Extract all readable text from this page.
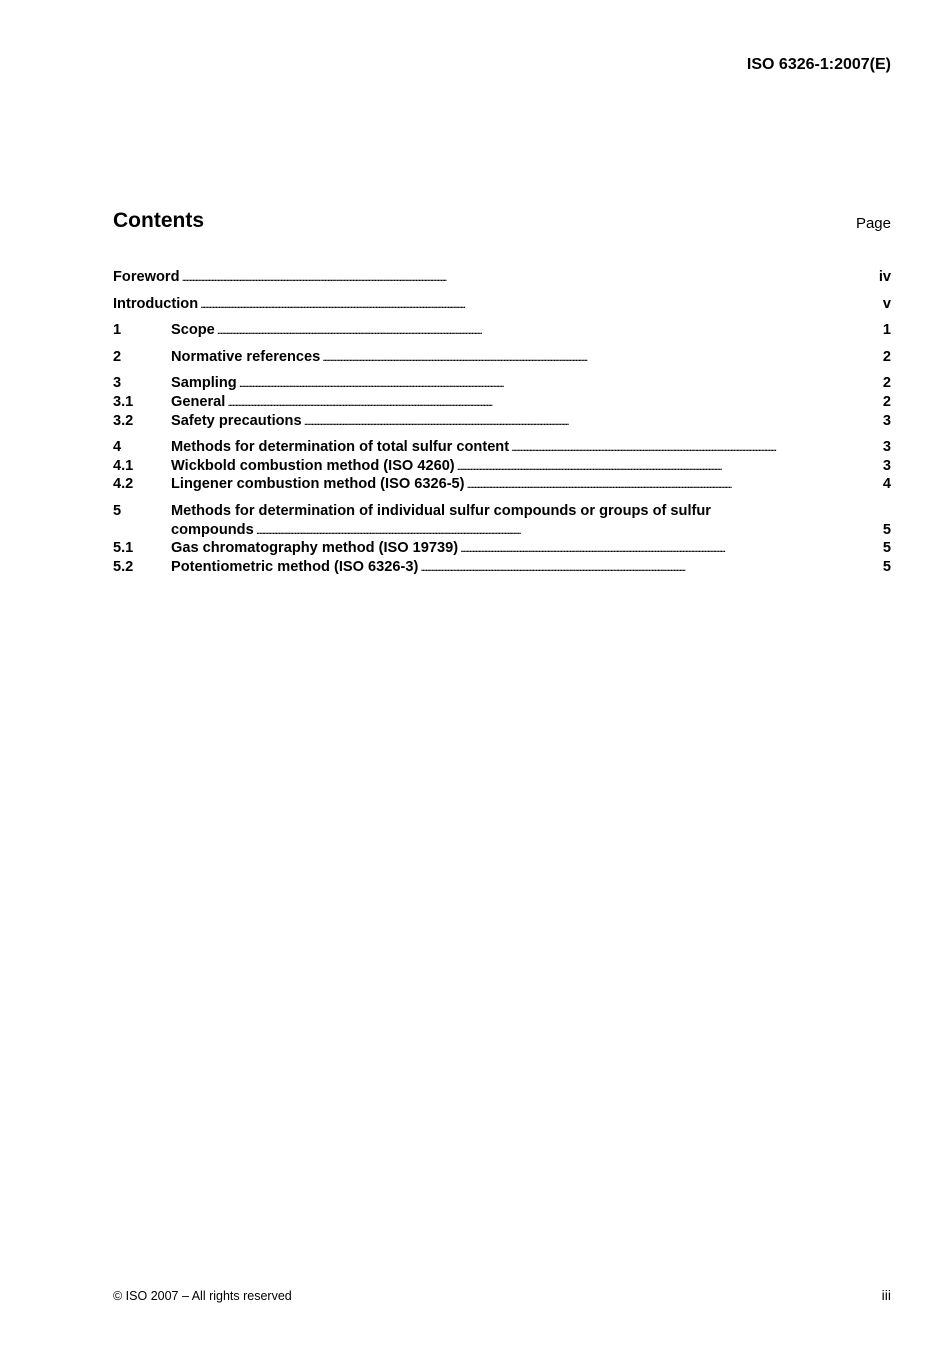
ISO 6326-1:2007(E)
Contents	Page
Foreword . . .	iv
Introduction . . .	v
1	Scope . . .	1
2	Normative references . . .	2
3	Sampling . . .	2
3.1	General . . .	2
3.2	Safety precautions . . .	3
4	Methods for determination of total sulfur content . . .	3
4.1	Wickbold combustion method (ISO 4260) . . .	3
4.2	Lingener combustion method (ISO 6326-5) . . .	4
5	Methods for determination of individual sulfur compounds or groups of sulfur
compounds . . .	5
5.1	Gas chromatography method (ISO 19739) . . .	5
5.2	Potentiometric method (ISO 6326-3) . . .	5
© ISO 2007 – All rights reserved	iii
